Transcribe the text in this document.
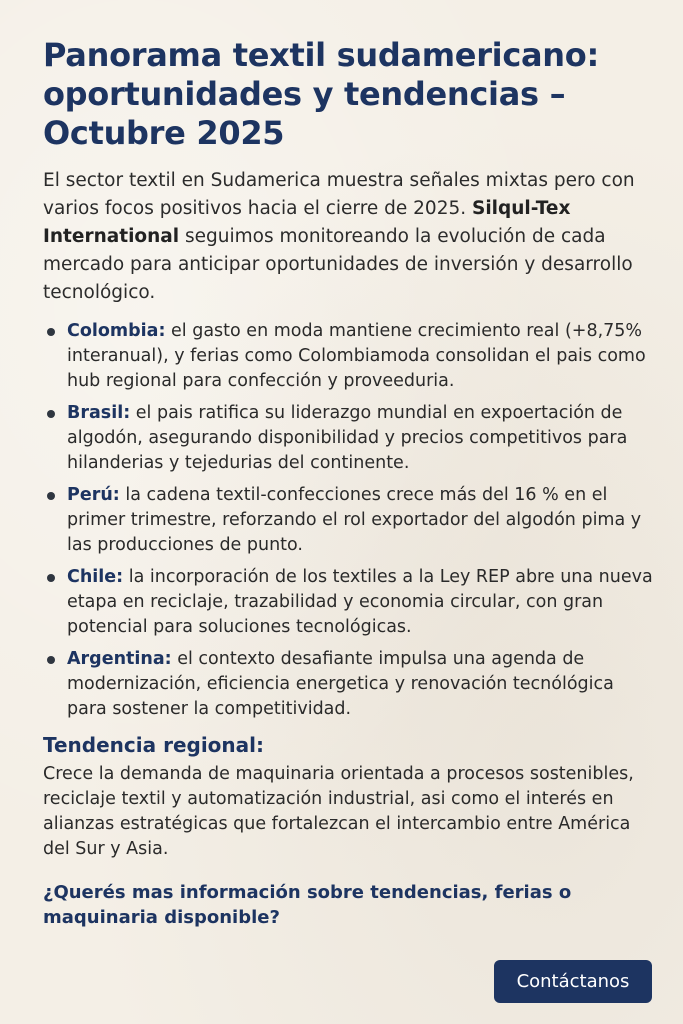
Panorama textil sudamericano: oportunidades y tendencias – Octubre 2025

El sector textil en Sudamerica muestra señales mixtas pero con varios focos positivos hacia el cierre de 2025. Silqul-Tex International seguimos monitoreando la evolución de cada mercado para anticipar oportunidades de inversión y desarrollo tecnológico.

Colombia: el gasto en moda mantiene crecimiento real (+8,75% interanual), y ferias como Colombiamoda consolidan el pais como hub regional para confección y proveeduria.
Brasil: el pais ratifica su liderazgo mundial en expoertación de algodón, asegurando disponibilidad y precios competitivos para hilanderias y tejedurias del continente.
Perú: la cadena textil-confecciones crece más del 16 % en el primer trimestre, reforzando el rol exportador del algodón pima y las producciones de punto.
Chile: la incorporación de los textiles a la Ley REP abre una nueva etapa en reciclaje, trazabilidad y economia circular, con gran potencial para soluciones tecnológicas.
Argentina: el contexto desafiante impulsa una agenda de modernización, eficiencia energetica y renovación tecnólógica para sostener la competitividad.
Tendencia regional:

Crece la demanda de maquinaria orientada a procesos sostenibles, reciclaje textil y automatización industrial, asi como el interés en alianzas estratégicas que fortalezcan el intercambio entre América del Sur y Asia.

¿Querés mas información sobre tendencias, ferias o maquinaria disponible?

Contáctanos
